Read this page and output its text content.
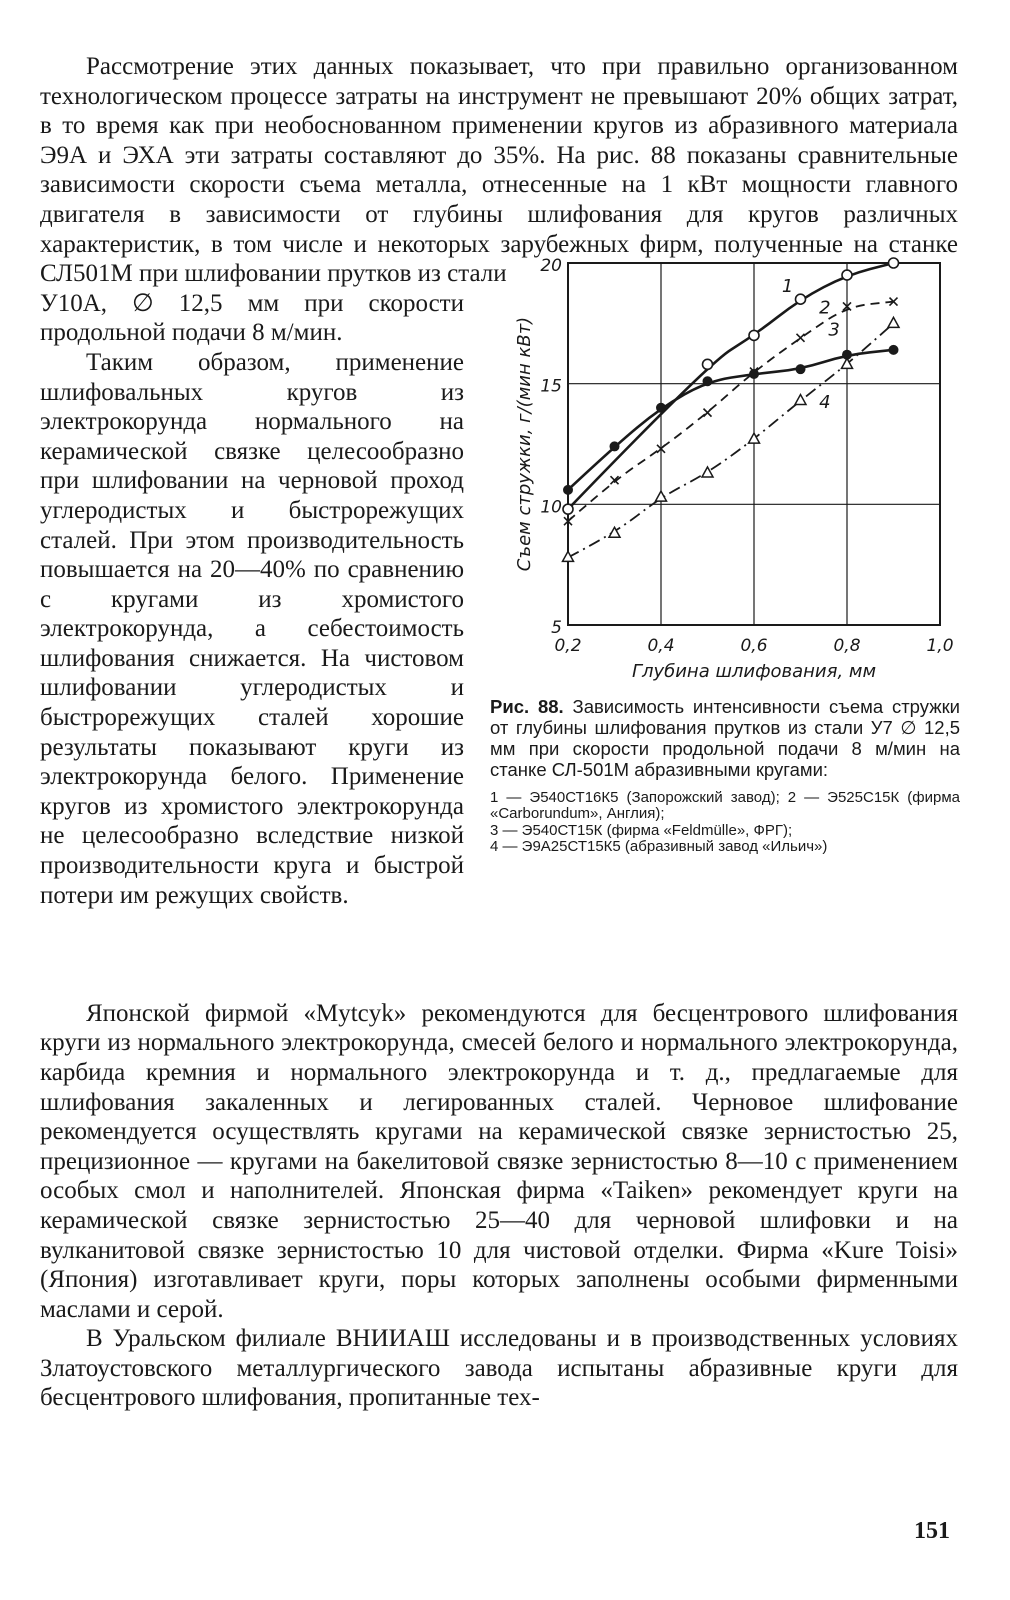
Рассмотрение этих данных показывает, что при правильно организованном технологическом процессе затраты на инструмент не превышают 20% общих затрат, в то время как при необоснованном применении кругов из абразивного материала Э9А и ЭХА эти затраты составляют до 35%. На рис. 88 показаны сравнительные зависимости скорости съема металла, отнесенные на 1 кВт мощности главного двигателя в зависимости от глубины шлифования для кругов различных характеристик, в том числе и некоторых зарубежных фирм, полученные на станке СЛ501М при шлифовании прутков из стали

У10А, ∅ 12,5 мм при скорости продольной подачи 8 м/мин.

Таким образом, применение шлифовальных кругов из электрокорунда нормального на керамической связке целесообразно при шлифовании на черновой проход углеродистых и быстрорежущих сталей. При этом производительность повышается на 20—40% по сравнению с кругами из хромистого электрокорунда, а себестоимость шлифования снижается. На чистовом шлифовании углеродистых и быстрорежущих сталей хорошие результаты показывают круги из электрокорунда белого. Применение кругов из хромистого электрокорунда не целесообразно вследствие низкой производительности круга и быстрой потери им режущих свойств.

0,2	0,4	0,6	0,8	1,0
5
10
15
20
Глубина шлифования, мм
Съем стружки, г/(мин кВт)
1
2
3
4

Рис. 88. Зависимость интенсивности съема стружки от глубины шлифования прутков из стали У7 ∅ 12,5 мм при скорости продольной подачи 8 м/мин на станке СЛ-501М абразивными кругами:

1 — Э540СТ16К5 (Запорожский завод); 2 — Э525С15К (фирма «Carborundum», Англия);
3 — Э540СТ15К (фирма «Feldmülle», ФРГ);
4 — Э9А25СТ15К5 (абразивный завод «Ильич»)

Японской фирмой «Mytcyk» рекомендуются для бесцентрового шлифования круги из нормального электрокорунда, смесей белого и нормального электрокорунда, карбида кремния и нормального электрокорунда и т. д., предлагаемые для шлифования закаленных и легированных сталей. Черновое шлифование рекомендуется осуществлять кругами на керамической связке зернистостью 25, прецизионное — кругами на бакелитовой связке зернистостью 8—10 с применением особых смол и наполнителей. Японская фирма «Taiken» рекомендует круги на керамической связке зернистостью 25—40 для черновой шлифовки и на вулканитовой связке зернистостью 10 для чистовой отделки. Фирма «Kure Toisi» (Япония) изготавливает круги, поры которых заполнены особыми фирменными маслами и серой.

В Уральском филиале ВНИИАШ исследованы и в производственных условиях Златоустовского металлургического завода испытаны абразивные круги для бесцентрового шлифования, пропитанные тех-

151
